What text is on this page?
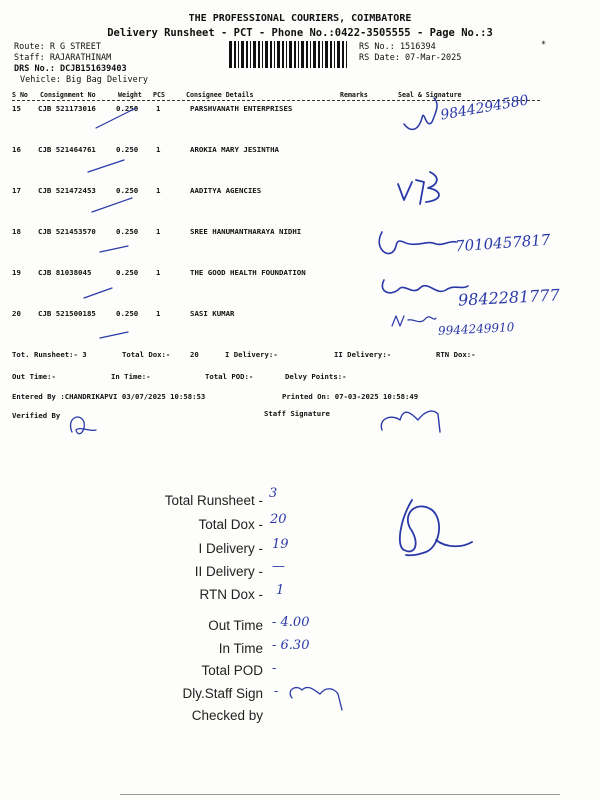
THE PROFESSIONAL COURIERS, COIMBATORE
Delivery Runsheet - PCT - Phone No.:0422-3505555 - Page No.:3
Route: R G STREET
Staff: RAJARATHINAM
DRS No.: DCJB151639403
Vehicle: Big Bag Delivery
RS No.: 1516394
RS Date: 07-Mar-2025
*
S No Consignment No	Weight PCS	Consignee Details	Remarks	Seal & Signature
15 CJB 521173016	0.250 1	PARSHVANATH ENTERPRISES
16 CJB 521464761	0.250 1	AROKIA MARY JESINTHA
17 CJB 521472453	0.250 1	AADITYA AGENCIES
18 CJB 521453570	0.250 1	SREE HANUMANTHARAYA NIDHI
19 CJB 81038045	0.250 1	THE GOOD HEALTH FOUNDATION
20 CJB 521500185	0.250 1	SASI KUMAR
9844294580
7010457817
9842281777
9944249910
Tot. Runsheet:- 3	Total Dox:-	20	I Delivery:-	II Delivery:-	RTN Dox:-
Out Time:-	In Time:-	Total POD:-	Delvy Points:-
Entered By :CHANDRIKAPVI 03/07/2025 10:58:53	Printed On: 07-03-2025 10:58:49
Verified By	Staff Signature
Total Runsheet - 3
Total Dox - 20
I Delivery - 19
II Delivery - —
RTN Dox - 1
Out Time - 4.00
In Time - 6.30
Total POD -
Dly.Staff Sign -
Checked by
